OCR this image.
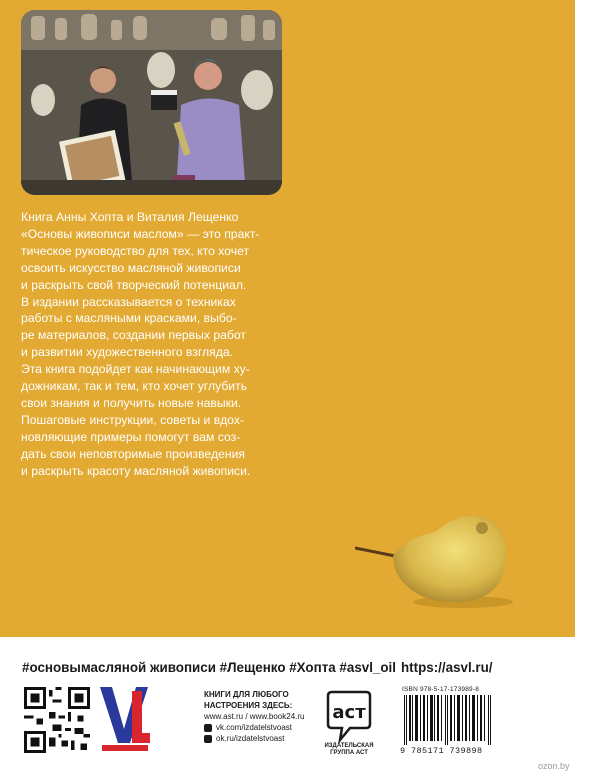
Книга Анны Хопта и Виталия Лещенко

«Основы живописи маслом» — это практ-

тическое руководство для тех, кто хочет

освоить искусство масляной живописи

и раскрыть свой творческий потенциал.

В издании рассказывается о техниках

работы с масляными красками, выбо-

ре материалов, создании первых работ

и развитии художественного взгляда.

Эта книга подойдет как начинающим ху-

дожникам, так и тем, кто хочет углубить

свои знания и получить новые навыки.

Пошаговые инструкции, советы и вдох-

новляющие примеры помогут вам соз-

дать свои неповторимые произведения

и раскрыть красоту масляной живописи.

#основымасляной живописи #Лещенко #Хопта #asvl_oil https://asvl.ru/
КНИГИ ДЛЯ ЛЮБОГО
НАСТРОЕНИЯ ЗДЕСЬ:
www.ast.ru / www.book24.ru
vk.com/izdatelstvoast
ok.ru/izdatelstvoast
аст
ИЗДАТЕЛЬСКАЯ
ГРУППА АСТ
ISBN 978-5-17-173989-8
9 785171 739898
ozon.by
